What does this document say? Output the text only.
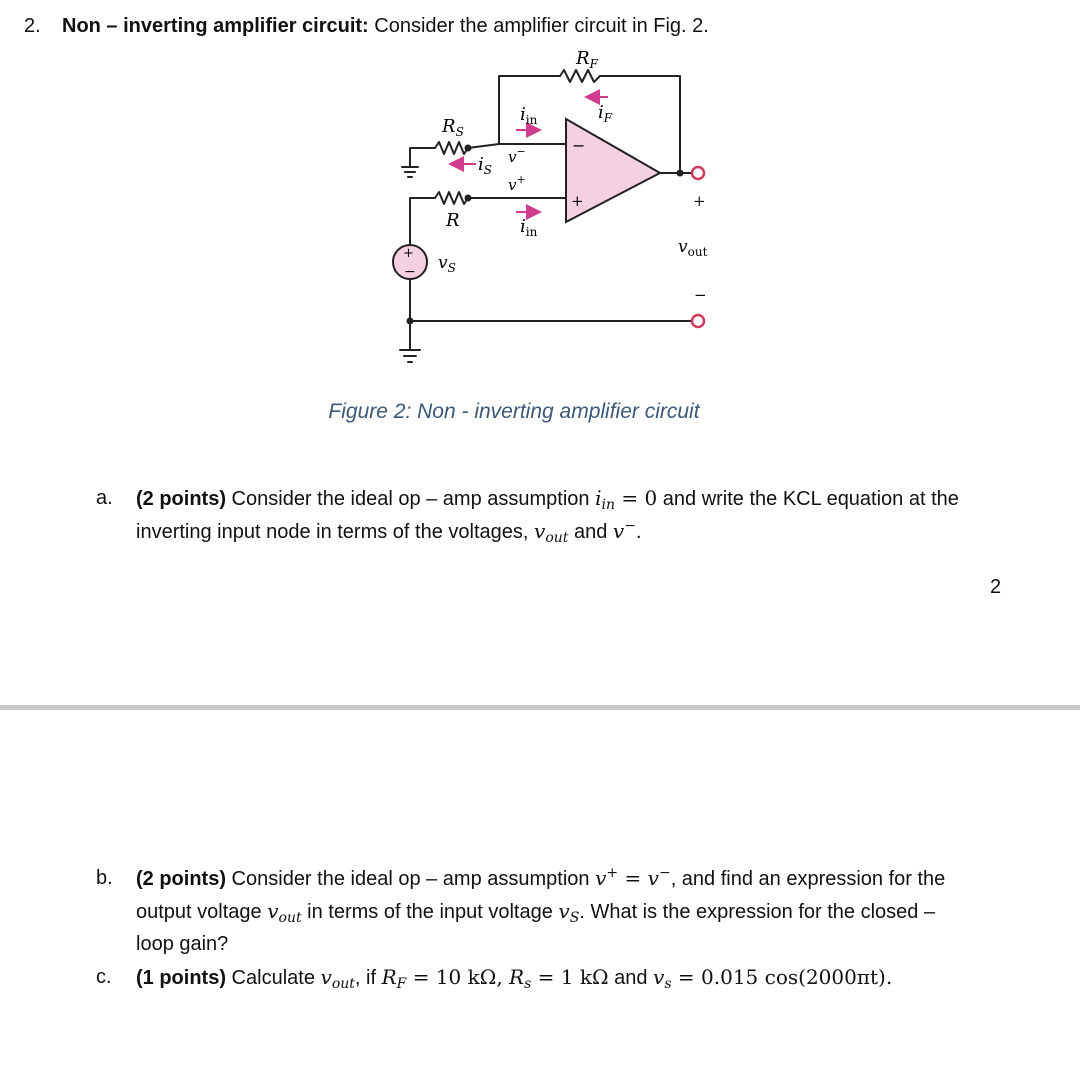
2. Non – inverting amplifier circuit: Consider the amplifier circuit in Fig. 2.
−
+
+
−
+
−
$R_F$
$R_S$
R
$i_F$
$i_{in}$
$i_S$
v−
v+
$i_{in}$
$v_S$
$v_{out}$
Figure 2: Non - inverting amplifier circuit
a. (2 points) Consider the ideal op – amp assumption $i_{in} = 0$ and write the KCL equation at the
inverting input node in terms of the voltages, $v_{out}$ and v−.
2
b. (2 points) Consider the ideal op – amp assumption v+ = v−, and find an expression for the
output voltage $v_{out}$ in terms of the input voltage $v_S$. What is the expression for the closed –
loop gain?
c. (1 points) Calculate $v_{out}$, if $R_F = 10$ kΩ, $R_s = 1$ kΩ and $v_s = 0.015$ cos(2000πt).
